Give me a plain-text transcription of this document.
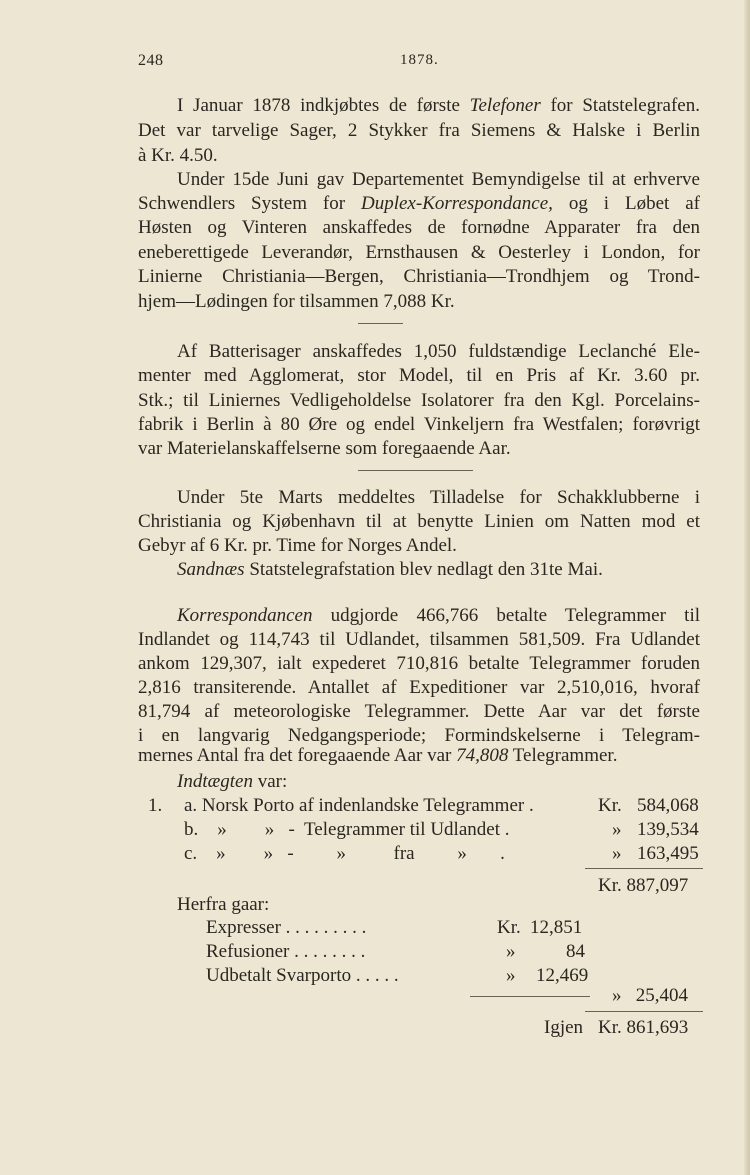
248	1878.
I Januar 1878 indkjøbtes de første Telefoner for Statstelegrafen.
Det var tarvelige Sager, 2 Stykker fra Siemens & Halske i Berlin
à Kr. 4.50.
Under 15de Juni gav Departementet Bemyndigelse til at erhverve
Schwendlers System for Duplex-Korrespondance, og i Løbet af
Høsten og Vinteren anskaffedes de fornødne Apparater fra den
eneberettigede Leverandør, Ernsthausen & Oesterley i London, for
Linierne Christiania—Bergen, Christiania—Trondhjem og Trond-
hjem—Lødingen for tilsammen 7,088 Kr.
Af Batterisager anskaffedes 1,050 fuldstændige Leclanché Ele-
menter med Agglomerat, stor Model, til en Pris af Kr. 3.60 pr.
Stk.; til Liniernes Vedligeholdelse Isolatorer fra den Kgl. Porcelains-
fabrik i Berlin à 80 Øre og endel Vinkeljern fra Westfalen; forøvrigt
var Materielanskaffelserne som foregaaende Aar.
Under 5te Marts meddeltes Tilladelse for Schakklubberne i
Christiania og Kjøbenhavn til at benytte Linien om Natten mod et
Gebyr af 6 Kr. pr. Time for Norges Andel.
Sandnæs Statstelegrafstation blev nedlagt den 31te Mai.
Korrespondancen udgjorde 466,766 betalte Telegrammer til
Indlandet og 114,743 til Udlandet, tilsammen 581,509. Fra Udlandet
ankom 129,307, ialt expederet 710,816 betalte Telegrammer foruden
2,816 transiterende. Antallet af Expeditioner var 2,510,016, hvoraf
81,794 af meteorologiske Telegrammer. Dette Aar var det første
i en langvarig Nedgangsperiode; Formindskelserne i Telegram-
mernes Antal fra det foregaaende Aar var 74,808 Telegrammer.
Indtægten var:
1. a. Norsk Porto af indenlandske Telegrammer .	Kr. 584,068
b.    »        »   -  Telegrammer til Udlandet .	» 139,534
c.    »        »   -         »          fra         »       .	» 163,495
Kr. 887,097
Herfra gaar:
Expresser . . . . . . . . .	Kr. 12,851
Refusioner . . . . . . . .	»	84
Udbetalt Svarporto . . . . .	» 12,469
»   25,404
Igjen Kr. 861,693
